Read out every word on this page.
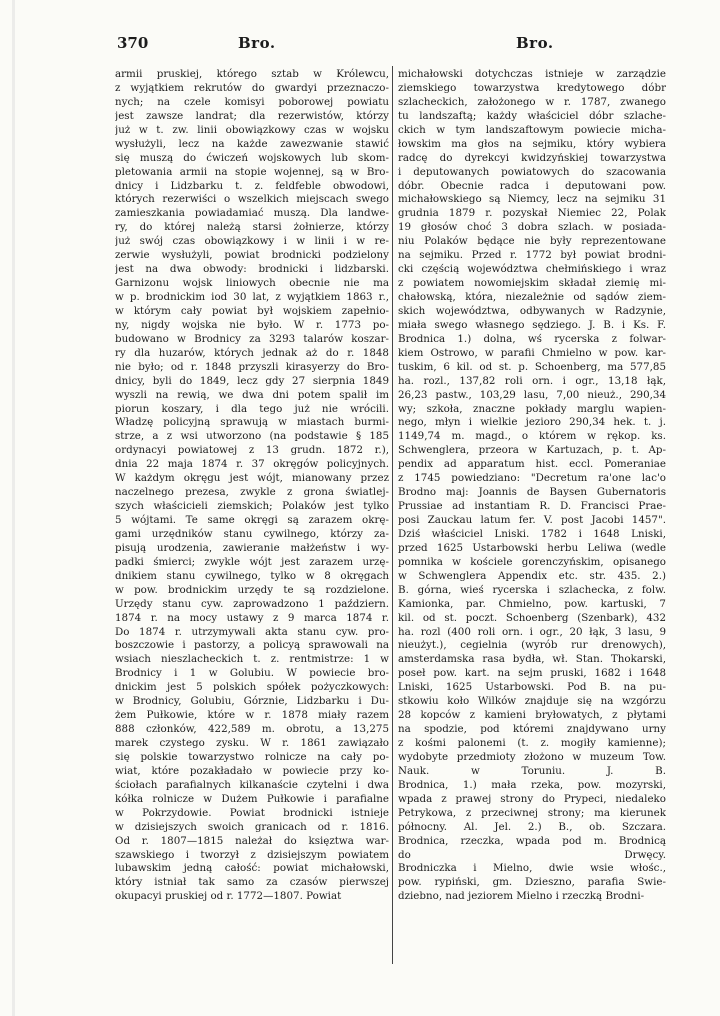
370	Bro.	Bro.
armii pruskiej, którego sztab w Królewcu,
z wyjątkiem rekrutów do gwardyi przeznaczo-
nych; na czele komisyi poborowej powiatu
jest zawsze landrat; dla rezerwistów, którzy
już w t. zw. linii obowiązkowy czas w wojsku
wysłużyli, lecz na każde zawezwanie stawić
się muszą do ćwiczeń wojskowych lub skom-
pletowania armii na stopie wojennej, są w Bro-
dnicy i Lidzbarku t. z. feldfeble obwodowi,
których rezerwiści o wszelkich miejscach swego
zamieszkania powiadamiać muszą. Dla landwe-
ry, do której należą starsi żołnierze, którzy
już swój czas obowiązkowy i w linii i w re-
zerwie wysłużyli, powiat brodnicki podzielony
jest na dwa obwody: brodnicki i lidzbarski.
Garnizonu wojsk liniowych obecnie nie ma
w p. brodnickim iod 30 lat, z wyjątkiem 1863 r.,
w którym cały powiat był wojskiem zapełnio-
ny, nigdy wojska nie było. W r. 1773 po-
budowano w Brodnicy za 3293 talarów koszar-
ry dla huzarów, których jednak aż do r. 1848
nie było; od r. 1848 przyszli kirasyerzy do Bro-
dnicy, byli do 1849, lecz gdy 27 sierpnia 1849
wyszli na rewią, we dwa dni potem spalił im
piorun koszary, i dla tego już nie wrócili.
Władzę policyjną sprawują w miastach burmi-
strze, a z wsi utworzono (na podstawie § 185
ordynacyi powiatowej z 13 grudn. 1872 r.),
dnia 22 maja 1874 r. 37 okręgów policyjnych.
W każdym okręgu jest wójt, mianowany przez
naczelnego prezesa, zwykle z grona światlej-
szych właścicieli ziemskich; Polaków jest tylko
5 wójtami. Te same okręgi są zarazem okrę-
gami urzędników stanu cywilnego, którzy za-
pisują urodzenia, zawieranie małżeństw i wy-
padki śmierci; zwykle wójt jest zarazem urzę-
dnikiem stanu cywilnego, tylko w 8 okręgach
w pow. brodnickim urzędy te są rozdzielone.
Urzędy stanu cyw. zaprowadzono 1 październ.
1874 r. na mocy ustawy z 9 marca 1874 r.
Do 1874 r. utrzymywali akta stanu cyw. pro-
boszczowie i pastorzy, a policyą sprawowali na
wsiach nieszlacheckich t. z. rentmistrze: 1 w
Brodnicy i 1 w Golubiu. W powiecie bro-
dnickim jest 5 polskich spółek pożyczkowych:
w Brodnicy, Golubiu, Górznie, Lidzbarku i Du-
żem Pułkowie, które w r. 1878 miały razem
888 członków, 422,589 m. obrotu, a 13,275
marek czystego zysku. W r. 1861 zawiązało
się polskie towarzystwo rolnicze na cały po-
wiat, które pozakładało w powiecie przy ko-
ściołach parafialnych kilkanaście czytelni i dwa
kółka rolnicze w Dużem Pułkowie i parafialne
w Pokrzydowie. Powiat brodnicki istnieje
w dzisiejszych swoich granicach od r. 1816.
Od r. 1807—1815 należał do księztwa war-
szawskiego i tworzył z dzisiejszym powiatem
lubawskim jedną całość: powiat michałowski,
który istniał tak samo za czasów pierwszej
okupacyi pruskiej od r. 1772—1807. Powiat
michałowski dotychczas istnieje w zarządzie
ziemskiego towarzystwa kredytowego dóbr
szlacheckich, założonego w r. 1787, zwanego
tu landszaftą; każdy właściciel dóbr szlache-
ckich w tym landszaftowym powiecie micha-
łowskim ma głos na sejmiku, który wybiera
radcę do dyrekcyi kwidzyńskiej towarzystwa
i deputowanych powiatowych do szacowania
dóbr. Obecnie radca i deputowani pow.
michałowskiego są Niemcy, lecz na sejmiku 31
grudnia 1879 r. pozyskał Niemiec 22, Polak
19 głosów choć 3 dobra szlach. w posiada-
niu Polaków będące nie były reprezentowane
na sejmiku. Przed r. 1772 był powiat brodni-
cki częścią województwa chełmińskiego i wraz
z powiatem nowomiejskim składał ziemię mi-
chałowską, która, niezależnie od sądów ziem-
skich województwa, odbywanych w Radzynie,
miała swego własnego sędziego. J. B. i Ks. F.
Brodnica 1.) dolna, wś rycerska z folwar-
kiem Ostrowo, w parafii Chmielno w pow. kar-
tuskim, 6 kil. od st. p. Schoenberg, ma 577,85
ha. rozl., 137,82 roli orn. i ogr., 13,18 łąk,
26,23 pastw., 103,29 lasu, 7,00 nieuż., 290,34
wy; szkoła, znaczne pokłady marglu wapien-
nego, młyn i wielkie jezioro 290,34 hek. t. j.
1149,74 m. magd., o którem w rękop. ks.
Schwenglera, przeora w Kartuzach, p. t. Ap-
pendix ad apparatum hist. eccl. Pomeraniae
z 1745 powiedziano: "Decretum ra'one lac'o
Brodno maj: Joannis de Baysen Gubernatoris
Prussiae ad instantiam R. D. Francisci Prae-
posi Zauckau latum fer. V. post Jacobi 1457".
Dziś właściciel Lniski. 1782 i 1648 Lniski,
przed 1625 Ustarbowski herbu Leliwa (wedle
pomnika w kościele gorenczyńskim, opisanego
w Schwenglera Appendix etc. str. 435. 2.)
B. górna, wieś rycerska i szlachecka, z folw.
Kamionka, par. Chmielno, pow. kartuski, 7
kil. od st. poczt. Schoenberg (Szenbark), 432
ha. rozl (400 roli orn. i ogr., 20 łąk, 3 lasu, 9
nieużyt.), cegielnia (wyrób rur drenowych),
amsterdamska rasa bydła, wł. Stan. Thokarski,
poseł pow. kart. na sejm pruski, 1682 i 1648
Lniski, 1625 Ustarbowski. Pod B. na pu-
stkowiu koło Wilków znajduje się na wzgórzu
28 kopców z kamieni bryłowatych, z płytami
na spodzie, pod któremi znajdywano urny
z kośmi palonemi (t. z. mogiły kamienne);
wydobyte przedmioty złożono w muzeum Tow.
Nauk. w Toruniu. J. B.
Brodnica, 1.) mała rzeka, pow. mozyrski,
wpada z prawej strony do Prypeci, niedaleko
Petrykowa, z przeciwnej strony; ma kierunek
północny. Al. Jel. 2.) B., ob. Szczara.
Brodnica, rzeczka, wpada pod m. Brodnicą
do Drwęcy.
Brodniczka i Mielno, dwie wsie włośc.,
pow. rypiński, gm. Dzieszno, parafia Swie-
dziebno, nad jeziorem Mielno i rzeczką Brodni-
